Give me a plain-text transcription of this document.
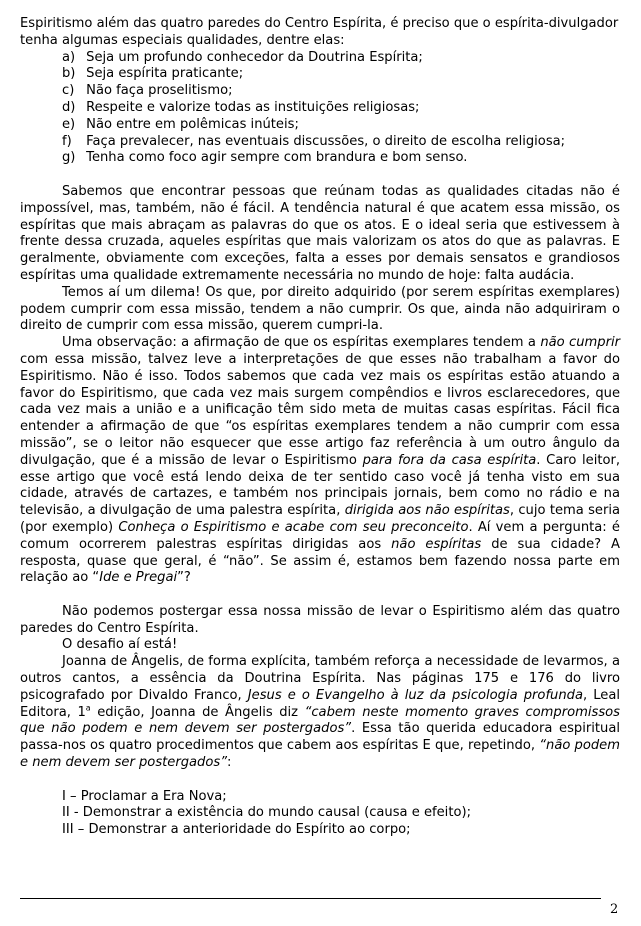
Espiritismo além das quatro paredes do Centro Espírita, é preciso que o espírita-divulgador tenha algumas especiais qualidades, dentre elas:

a) Seja um profundo conhecedor da Doutrina Espírita;
b) Seja espírita praticante;
c) Não faça proselitismo;
d) Respeite e valorize todas as instituições religiosas;
e) Não entre em polêmicas inúteis;
f) Faça prevalecer, nas eventuais discussões, o direito de escolha religiosa;
g) Tenha como foco agir sempre com brandura e bom senso.

Sabemos que encontrar pessoas que reúnam todas as qualidades citadas não é impossível, mas, também, não é fácil. A tendência natural é que acatem essa missão, os espíritas que mais abraçam as palavras do que os atos. E o ideal seria que estivessem à frente dessa cruzada, aqueles espíritas que mais valorizam os atos do que as palavras. E geralmente, obviamente com exceções, falta a esses por demais sensatos e grandiosos espíritas uma qualidade extremamente necessária no mundo de hoje: falta audácia.

Temos aí um dilema! Os que, por direito adquirido (por serem espíritas exemplares) podem cumprir com essa missão, tendem a não cumprir. Os que, ainda não adquiriram o direito de cumprir com essa missão, querem cumpri-la.

Uma observação: a afirmação de que os espíritas exemplares tendem a não cumprir com essa missão, talvez leve a interpretações de que esses não trabalham a favor do Espiritismo. Não é isso. Todos sabemos que cada vez mais os espíritas estão atuando a favor do Espiritismo, que cada vez mais surgem compêndios e livros esclarecedores, que cada vez mais a união e a unificação têm sido meta de muitas casas espíritas. Fácil fica entender a afirmação de que “os espíritas exemplares tendem a não cumprir com essa missão”, se o leitor não esquecer que esse artigo faz referência à um outro ângulo da divulgação, que é a missão de levar o Espiritismo para fora da casa espírita. Caro leitor, esse artigo que você está lendo deixa de ter sentido caso você já tenha visto em sua cidade, através de cartazes, e também nos principais jornais, bem como no rádio e na televisão, a divulgação de uma palestra espírita, dirigida aos não espíritas, cujo tema seria (por exemplo) Conheça o Espiritismo e acabe com seu preconceito. Aí vem a pergunta: é comum ocorrerem palestras espíritas dirigidas aos não espíritas de sua cidade? A resposta, quase que geral, é “não”. Se assim é, estamos bem fazendo nossa parte em relação ao “Ide e Pregai”?

Não podemos postergar essa nossa missão de levar o Espiritismo além das quatro paredes do Centro Espírita.

O desafio aí está!

Joanna de Ângelis, de forma explícita, também reforça a necessidade de levarmos, a outros cantos, a essência da Doutrina Espírita. Nas páginas 175 e 176 do livro psicografado por Divaldo Franco, Jesus e o Evangelho à luz da psicologia profunda, Leal Editora, 1$^a$ edição, Joanna de Ângelis diz “cabem neste momento graves compromissos que não podem e nem devem ser postergados”. Essa tão querida educadora espiritual passa-nos os quatro procedimentos que cabem aos espíritas E que, repetindo, “não podem e nem devem ser postergados”:

I – Proclamar a Era Nova;
II - Demonstrar a existência do mundo causal (causa e efeito);
III – Demonstrar a anterioridade do Espírito ao corpo;
2
